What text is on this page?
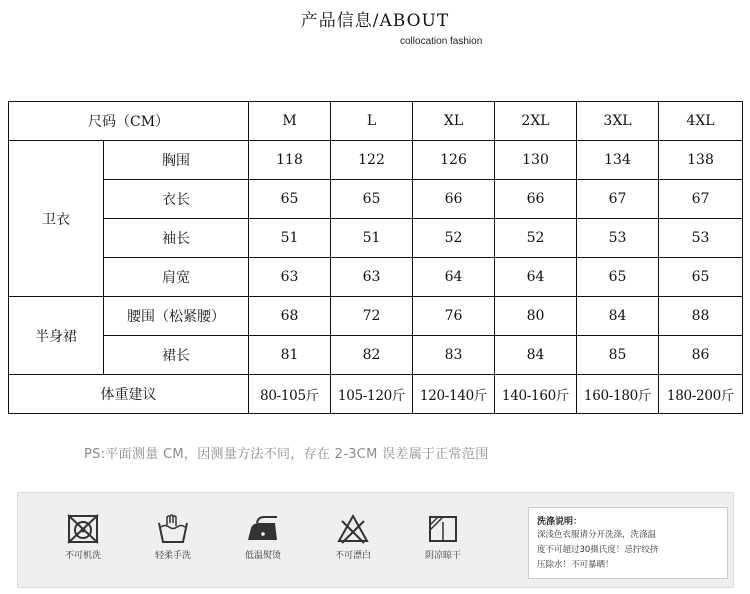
产品信息/ABOUT
collocation fashion
尺码（CM）		M	L	XL	2XL	3XL	4XL
卫衣	胸围	118	122	126	130	134	138
	衣长	65	65	66	66	67	67
	袖长	51	51	52	52	53	53
	肩宽	63	63	64	64	65	65
半身裙	腰围（松紧腰）	68	72	76	80	84	88
	裙长	81	82	83	84	85	86
体重建议		80-105斤	105-120斤	120-140斤	140-160斤	160-180斤	180-200斤
PS:平面测量 CM，因测量方法不同，存在 2-3CM 误差属于正常范围
不可机洗	轻柔手洗	低温熨烫	不可漂白	阴凉晾干
洗涤说明：
深浅色衣服请分开洗涤，洗涤温
度不可超过30摄氏度！忌拧绞挤
压除水！不可暴晒！
